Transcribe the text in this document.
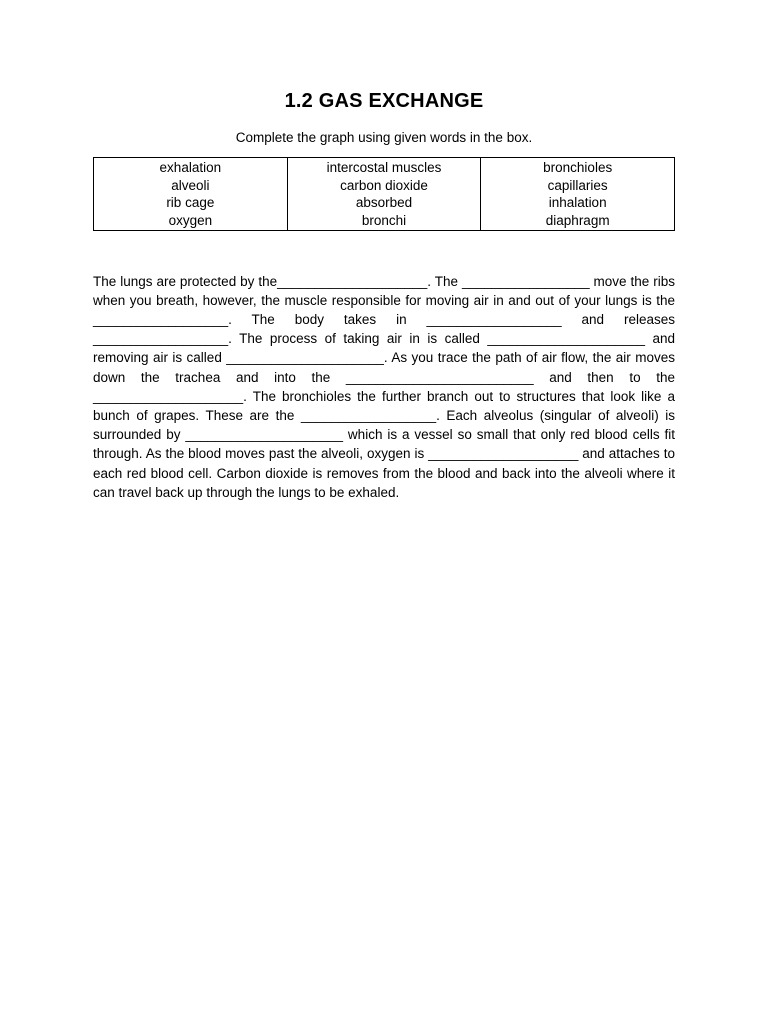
1.2 GAS EXCHANGE
Complete the graph using given words in the box.
exhalation
alveoli
rib cage
oxygen
intercostal muscles
carbon dioxide
absorbed
bronchi
bronchioles
capillaries
inhalation
diaphragm

The lungs are protected by the____________________. The _________________ move the ribs when you breath, however, the muscle responsible for moving air in and out of your lungs is the __________________. The body takes in __________________ and releases __________________. The process of taking air in is called _____________________ and removing air is called _____________________. As you trace the path of air flow, the air moves down the trachea and into the _________________________ and then to the ____________________. The bronchioles the further branch out to structures that look like a bunch of grapes. These are the __________________. Each alveolus (singular of alveoli) is surrounded by _____________________ which is a vessel so small that only red blood cells fit through. As the blood moves past the alveoli, oxygen is ____________________ and attaches to each red blood cell. Carbon dioxide is removes from the blood and back into the alveoli where it can travel back up through the lungs to be exhaled.
